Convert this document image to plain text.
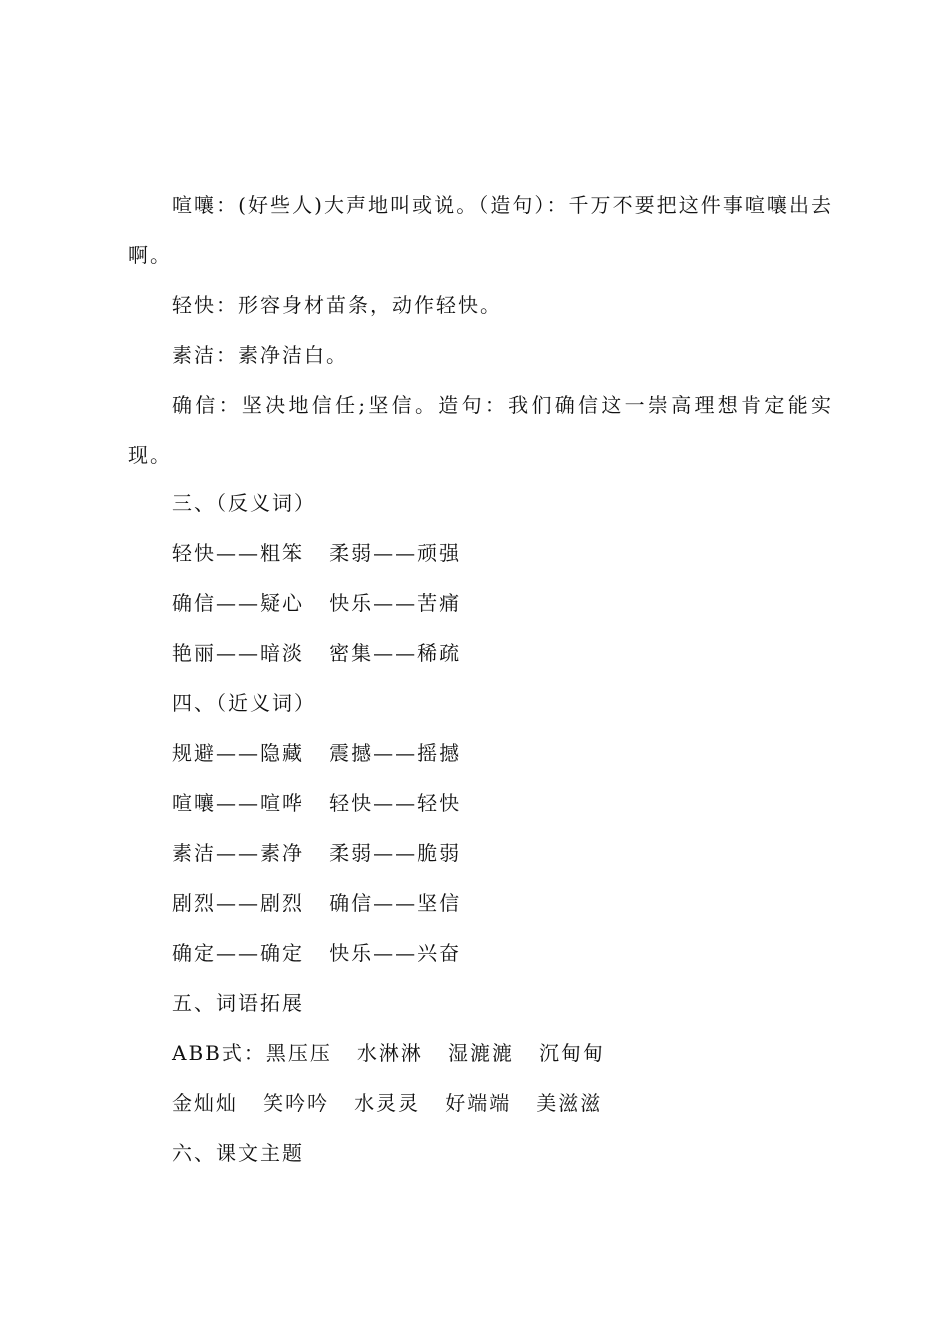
喧嚷：(好些人)大声地叫或说。（造句）：千万不要把这件事喧嚷出去啊。

轻快：形容身材苗条，动作轻快。

素洁：素净洁白。

确信：坚决地信任;坚信。造句：我们确信这一崇高理想肯定能实现。

三、（反义词）
轻快——粗笨   柔弱——顽强
确信——疑心   快乐——苦痛
艳丽——暗淡   密集——稀疏
四、（近义词）
规避——隐藏   震撼——摇撼
喧嚷——喧哗   轻快——轻快
素洁——素净   柔弱——脆弱
剧烈——剧烈   确信——坚信
确定——确定   快乐——兴奋
五、词语拓展
ABB式：黑压压   水淋淋   湿漉漉   沉甸甸
金灿灿   笑吟吟   水灵灵   好端端   美滋滋
六、课文主题
